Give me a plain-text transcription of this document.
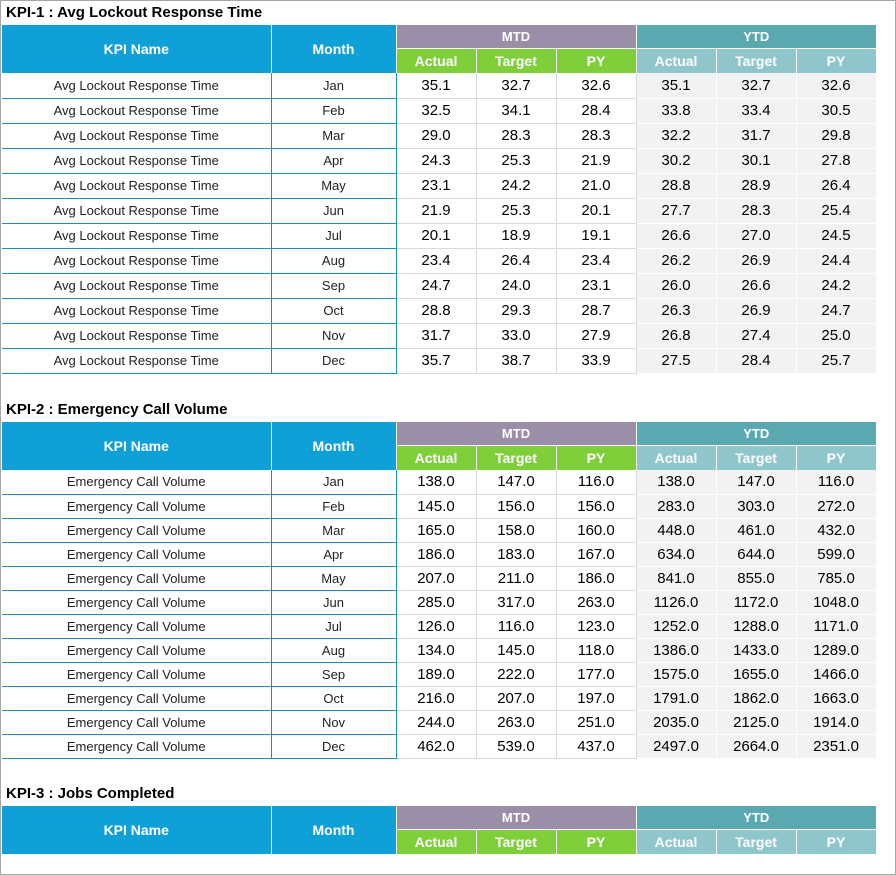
KPI-1 : Avg Lockout Response Time
KPI Name	Month	MTD			YTD		
		Actual	Target	PY	Actual	Target	PY
Avg Lockout Response Time	Jan	35.1	32.7	32.6	35.1	32.7	32.6
Avg Lockout Response Time	Feb	32.5	34.1	28.4	33.8	33.4	30.5
Avg Lockout Response Time	Mar	29.0	28.3	28.3	32.2	31.7	29.8
Avg Lockout Response Time	Apr	24.3	25.3	21.9	30.2	30.1	27.8
Avg Lockout Response Time	May	23.1	24.2	21.0	28.8	28.9	26.4
Avg Lockout Response Time	Jun	21.9	25.3	20.1	27.7	28.3	25.4
Avg Lockout Response Time	Jul	20.1	18.9	19.1	26.6	27.0	24.5
Avg Lockout Response Time	Aug	23.4	26.4	23.4	26.2	26.9	24.4
Avg Lockout Response Time	Sep	24.7	24.0	23.1	26.0	26.6	24.2
Avg Lockout Response Time	Oct	28.8	29.3	28.7	26.3	26.9	24.7
Avg Lockout Response Time	Nov	31.7	33.0	27.9	26.8	27.4	25.0
Avg Lockout Response Time	Dec	35.7	38.7	33.9	27.5	28.4	25.7
KPI-2 : Emergency Call Volume
KPI Name	Month	MTD			YTD		
		Actual	Target	PY	Actual	Target	PY
Emergency Call Volume	Jan	138.0	147.0	116.0	138.0	147.0	116.0
Emergency Call Volume	Feb	145.0	156.0	156.0	283.0	303.0	272.0
Emergency Call Volume	Mar	165.0	158.0	160.0	448.0	461.0	432.0
Emergency Call Volume	Apr	186.0	183.0	167.0	634.0	644.0	599.0
Emergency Call Volume	May	207.0	211.0	186.0	841.0	855.0	785.0
Emergency Call Volume	Jun	285.0	317.0	263.0	1126.0	1172.0	1048.0
Emergency Call Volume	Jul	126.0	116.0	123.0	1252.0	1288.0	1171.0
Emergency Call Volume	Aug	134.0	145.0	118.0	1386.0	1433.0	1289.0
Emergency Call Volume	Sep	189.0	222.0	177.0	1575.0	1655.0	1466.0
Emergency Call Volume	Oct	216.0	207.0	197.0	1791.0	1862.0	1663.0
Emergency Call Volume	Nov	244.0	263.0	251.0	2035.0	2125.0	1914.0
Emergency Call Volume	Dec	462.0	539.0	437.0	2497.0	2664.0	2351.0
KPI-3 : Jobs Completed
KPI Name	Month	MTD			YTD		
		Actual	Target	PY	Actual	Target	PY
